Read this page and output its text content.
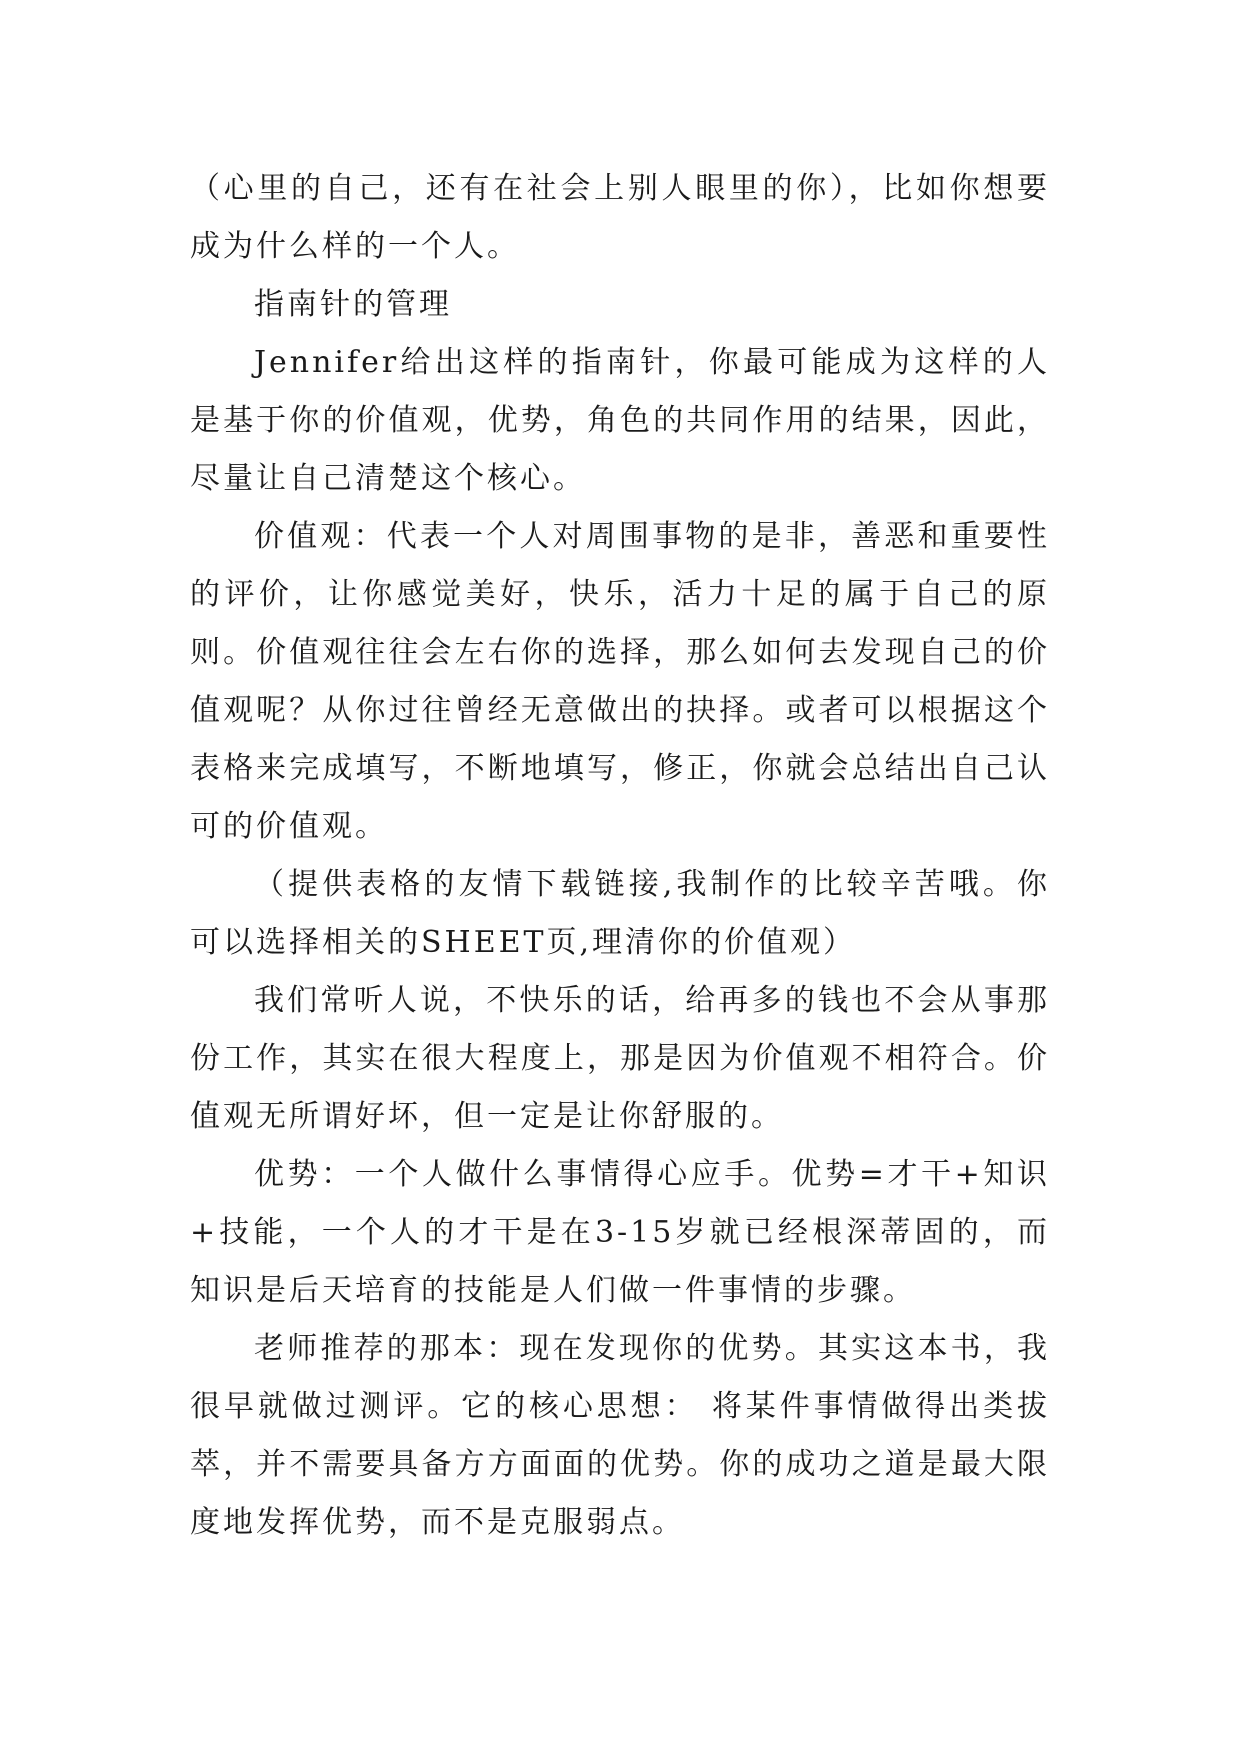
（心里的自己，还有在社会上别人眼里的你），比如你想要成为什么样的一个人。

指南针的管理

Jennifer给出这样的指南针，你最可能成为这样的人是基于你的价值观，优势，角色的共同作用的结果，因此，尽量让自己清楚这个核心。

价值观：代表一个人对周围事物的是非，善恶和重要性的评价，让你感觉美好，快乐，活力十足的属于自己的原则。价值观往往会左右你的选择，那么如何去发现自己的价值观呢？从你过往曾经无意做出的抉择。或者可以根据这个表格来完成填写，不断地填写，修正，你就会总结出自己认可的价值观。

（提供表格的友情下载链接,我制作的比较辛苦哦。你可以选择相关的SHEET页,理清你的价值观）

我们常听人说，不快乐的话，给再多的钱也不会从事那份工作，其实在很大程度上，那是因为价值观不相符合。价值观无所谓好坏，但一定是让你舒服的。

优势：一个人做什么事情得心应手。优势=才干+知识+技能，一个人的才干是在3-15岁就已经根深蒂固的，而知识是后天培育的技能是人们做一件事情的步骤。

老师推荐的那本：现在发现你的优势。其实这本书，我很早就做过测评。它的核心思想： 将某件事情做得出类拔萃，并不需要具备方方面面的优势。你的成功之道是最大限度地发挥优势，而不是克服弱点。
